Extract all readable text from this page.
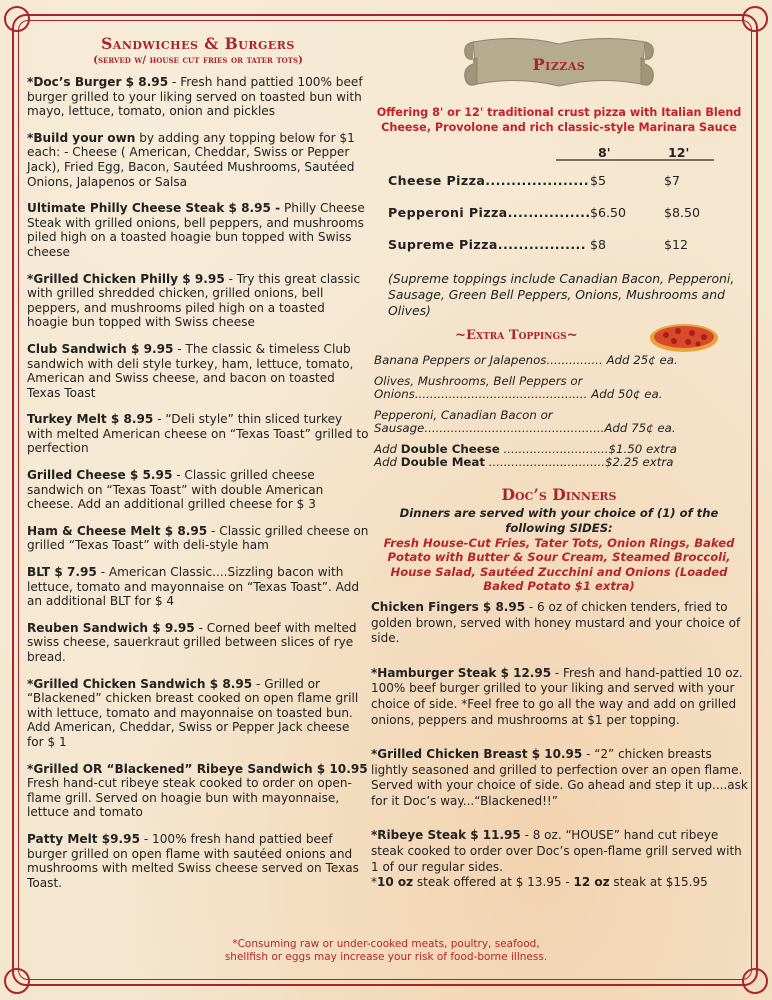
Sandwiches & Burgers
(served w/ house cut fries or tater tots)
*Doc’s Burger $ 8.95 - Fresh hand pattied 100% beef burger grilled to your liking served on toasted bun with mayo, lettuce, tomato, onion and pickles
*Build your own by adding any topping below for $1 each: - Cheese ( American, Cheddar, Swiss or Pepper Jack), Fried Egg, Bacon, Sautéed Mushrooms, Sautéed Onions, Jalapenos or Salsa
Ultimate Philly Cheese Steak $ 8.95 - Philly Cheese Steak with grilled onions, bell peppers, and mushrooms piled high on a toasted hoagie bun topped with Swiss cheese
*Grilled Chicken Philly $ 9.95 - Try this great classic with grilled shredded chicken, grilled onions, bell peppers, and mushrooms piled high on a toasted hoagie bun topped with Swiss cheese
Club Sandwich $ 9.95 - The classic & timeless Club sandwich with deli style turkey, ham, lettuce, tomato, American and Swiss cheese, and bacon on toasted Texas Toast
Turkey Melt $ 8.95 - “Deli style” thin sliced turkey with melted American cheese on “Texas Toast” grilled to perfection
Grilled Cheese $ 5.95 - Classic grilled cheese sandwich on “Texas Toast” with double American cheese. Add an additional grilled cheese for $ 3
Ham & Cheese Melt $ 8.95 - Classic grilled cheese on grilled “Texas Toast” with deli-style ham
BLT $ 7.95 - American Classic....Sizzling bacon with lettuce, tomato and mayonnaise on “Texas Toast”. Add an additional BLT for $ 4
Reuben Sandwich $ 9.95 - Corned beef with melted swiss cheese, sauerkraut grilled between slices of rye bread.
*Grilled Chicken Sandwich $ 8.95 - Grilled or “Blackened” chicken breast cooked on open flame grill with lettuce, tomato and mayonnaise on toasted bun. Add American, Cheddar, Swiss or Pepper Jack cheese for $ 1
*Grilled OR “Blackened” Ribeye Sandwich $ 10.95 Fresh hand-cut ribeye steak cooked to order on open-flame grill. Served on hoagie bun with mayonnaise, lettuce and tomato
Patty Melt $9.95 - 100% fresh hand pattied beef burger grilled on open flame with sautéed onions and mushrooms with melted Swiss cheese served on Texas Toast.
Pizzas
Offering 8' or 12' traditional crust pizza with Italian Blend Cheese, Provolone and rich classic-style Marinara Sauce
8'	12'
Cheese Pizza.................... $5	$7
Pepperoni Pizza................ $6.50	$8.50
Supreme Pizza................. $8	$12
(Supreme toppings include Canadian Bacon, Pepperoni, Sausage, Green Bell Peppers, Onions, Mushrooms and Olives)
~Extra Toppings~
Banana Peppers or Jalapenos............... Add 25¢ ea.
Olives, Mushrooms, Bell Peppers or Onions.............................................. Add 50¢ ea.
Pepperoni, Canadian Bacon or Sausage................................................Add 75¢ ea.
Add Double Cheese ............................$1.50 extra
Add Double Meat ...............................$2.25 extra
Doc’s Dinners
Dinners are served with your choice of (1) of the following SIDES:
Fresh House-Cut Fries, Tater Tots, Onion Rings, Baked Potato with Butter & Sour Cream, Steamed Broccoli, House Salad, Sautéed Zucchini and Onions (Loaded Baked Potato $1 extra)
Chicken Fingers $ 8.95 - 6 oz of chicken tenders, fried to golden brown, served with honey mustard and your choice of side.
*Hamburger Steak $ 12.95 - Fresh and hand-pattied 10 oz. 100% beef burger grilled to your liking and served with your choice of side. *Feel free to go all the way and add on grilled onions, peppers and mushrooms at $1 per topping.
*Grilled Chicken Breast $ 10.95 - “2” chicken breasts lightly seasoned and grilled to perfection over an open flame. Served with your choice of side. Go ahead and step it up....ask for it Doc’s way...“Blackened!!”
*Ribeye Steak $ 11.95 - 8 oz. “HOUSE” hand cut ribeye steak cooked to order over Doc’s open-flame grill served with 1 of our regular sides.
*10 oz steak offered at $ 13.95 - 12 oz steak at $15.95
*Consuming raw or under-cooked meats, poultry, seafood,
shellfish or eggs may increase your risk of food-borne illness.
